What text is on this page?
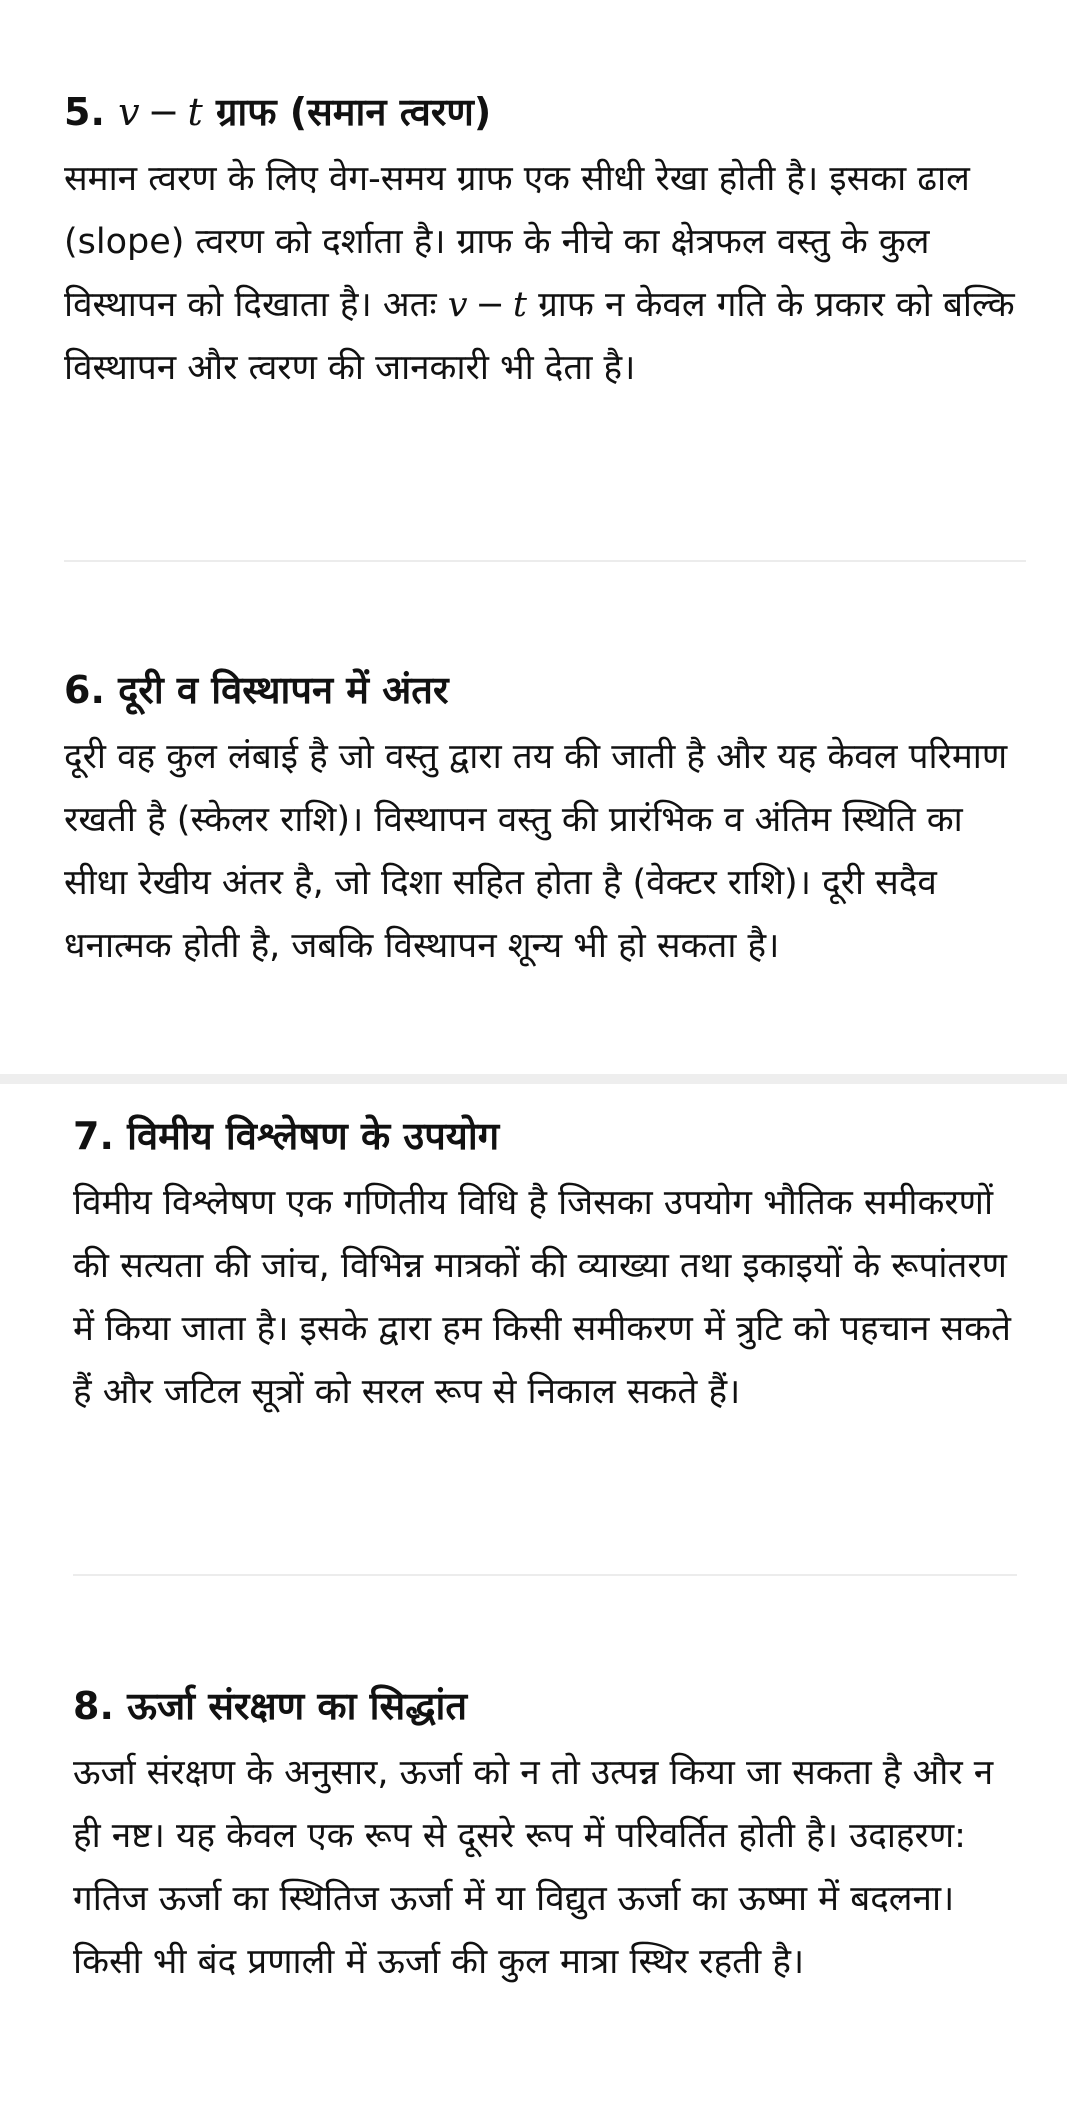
5. v − t ग्राफ (समान त्वरण)

समान त्वरण के लिए वेग-समय ग्राफ एक सीधी रेखा होती है। इसका ढाल (slope) त्वरण को दर्शाता है। ग्राफ के नीचे का क्षेत्रफल वस्तु के कुल विस्थापन को दिखाता है। अतः v − t ग्राफ न केवल गति के प्रकार को बल्कि विस्थापन और त्वरण की जानकारी भी देता है।

6. दूरी व विस्थापन में अंतर

दूरी वह कुल लंबाई है जो वस्तु द्वारा तय की जाती है और यह केवल परिमाण रखती है (स्केलर राशि)। विस्थापन वस्तु की प्रारंभिक व अंतिम स्थिति का सीधा रेखीय अंतर है, जो दिशा सहित होता है (वेक्टर राशि)। दूरी सदैव धनात्मक होती है, जबकि विस्थापन शून्य भी हो सकता है।

7. विमीय विश्लेषण के उपयोग

विमीय विश्लेषण एक गणितीय विधि है जिसका उपयोग भौतिक समीकरणों की सत्यता की जांच, विभिन्न मात्रकों की व्याख्या तथा इकाइयों के रूपांतरण में किया जाता है। इसके द्वारा हम किसी समीकरण में त्रुटि को पहचान सकते हैं और जटिल सूत्रों को सरल रूप से निकाल सकते हैं।

8. ऊर्जा संरक्षण का सिद्धांत

ऊर्जा संरक्षण के अनुसार, ऊर्जा को न तो उत्पन्न किया जा सकता है और न ही नष्ट। यह केवल एक रूप से दूसरे रूप में परिवर्तित होती है। उदाहरण: गतिज ऊर्जा का स्थितिज ऊर्जा में या विद्युत ऊर्जा का ऊष्मा में बदलना। किसी भी बंद प्रणाली में ऊर्जा की कुल मात्रा स्थिर रहती है।
